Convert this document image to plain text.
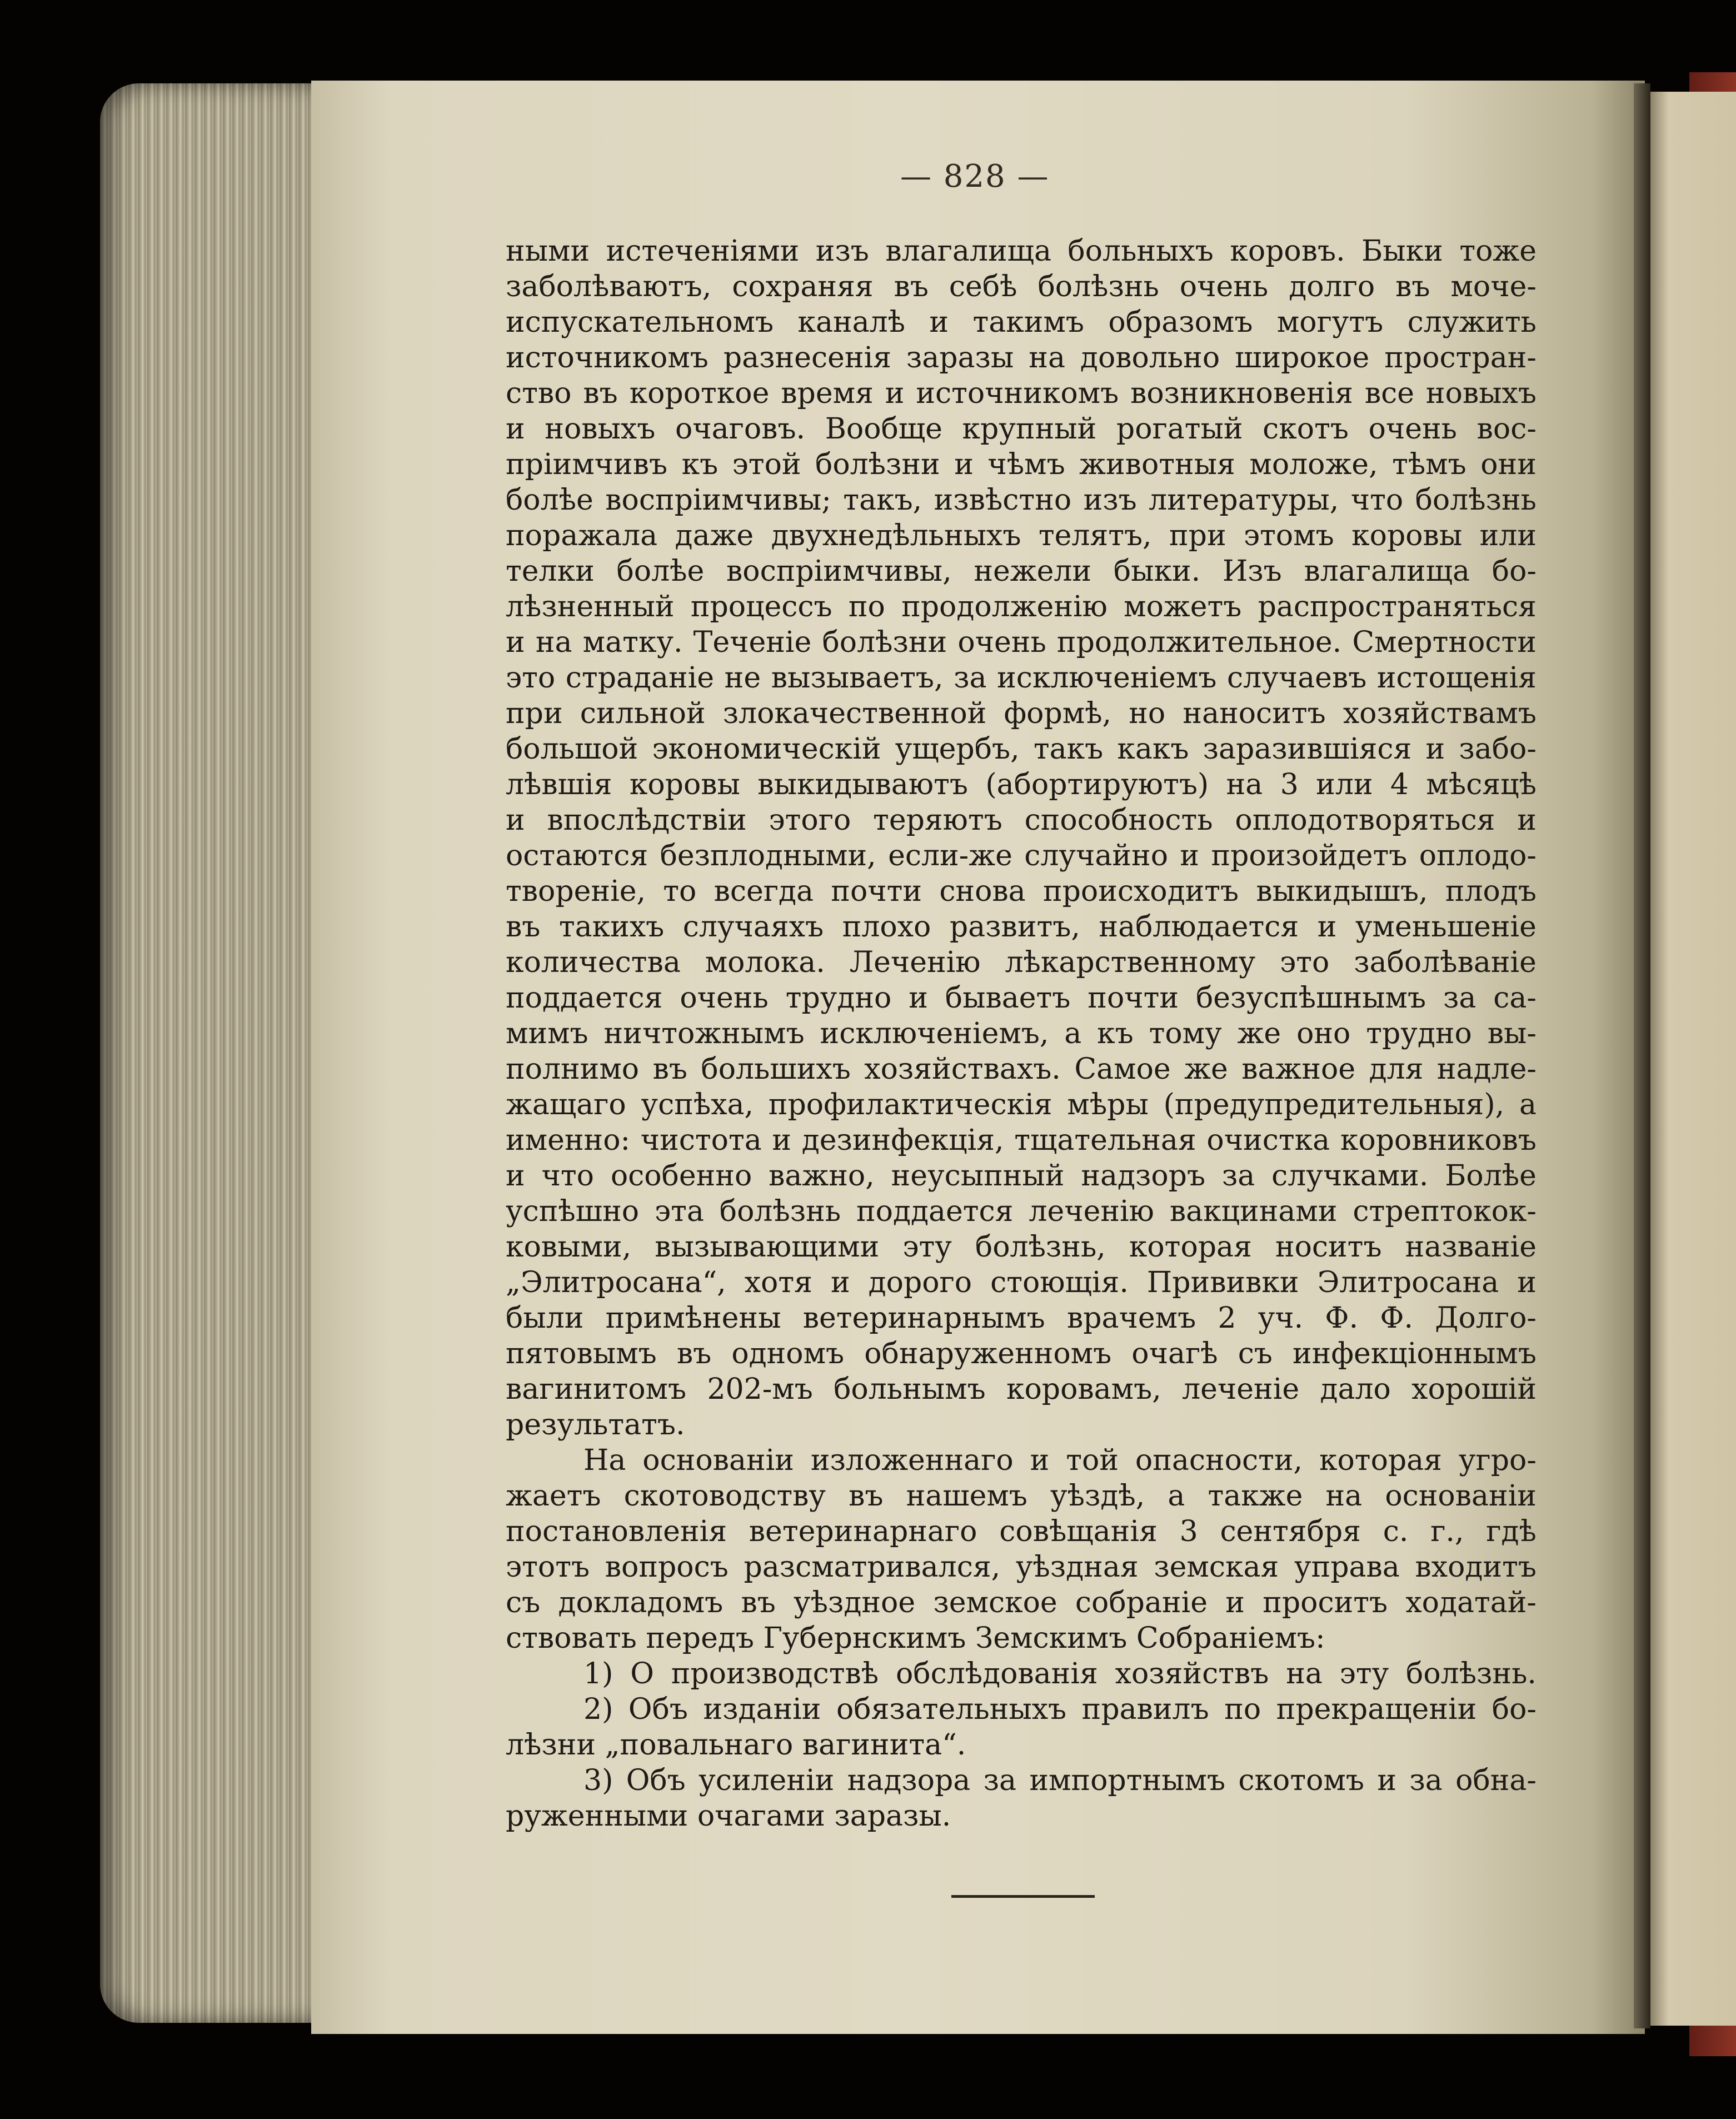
— 828 —
ными истеченіями изъ влагалища больныхъ коровъ. Быки тоже
заболѣваютъ, сохраняя въ себѣ болѣзнь очень долго въ моче-
испускательномъ каналѣ и такимъ образомъ могутъ служить
источникомъ разнесенія заразы на довольно широкое простран-
ство въ короткое время и источникомъ возникновенія все новыхъ
и новыхъ очаговъ. Вообще крупный рогатый скотъ очень вос-
пріимчивъ къ этой болѣзни и чѣмъ животныя моложе, тѣмъ они
болѣе воспріимчивы; такъ, извѣстно изъ литературы, что болѣзнь
поражала даже двухнедѣльныхъ телятъ, при этомъ коровы или
телки болѣе воспріимчивы, нежели быки. Изъ влагалища бо-
лѣзненный процессъ по продолженію можетъ распространяться
и на матку. Теченіе болѣзни очень продолжительное. Смертности
это страданіе не вызываетъ, за исключеніемъ случаевъ истощенія
при сильной злокачественной формѣ, но наноситъ хозяйствамъ
большой экономическій ущербъ, такъ какъ заразившіяся и забо-
лѣвшія коровы выкидываютъ (абортируютъ) на 3 или 4 мѣсяцѣ
и впослѣдствіи этого теряютъ способность оплодотворяться и
остаются безплодными, если-же случайно и произойдетъ оплодо-
твореніе, то всегда почти снова происходитъ выкидышъ, плодъ
въ такихъ случаяхъ плохо развитъ, наблюдается и уменьшеніе
количества молока. Леченію лѣкарственному это заболѣваніе
поддается очень трудно и бываетъ почти безуспѣшнымъ за са-
мимъ ничтожнымъ исключеніемъ, а къ тому же оно трудно вы-
полнимо въ большихъ хозяйствахъ. Самое же важное для надле-
жащаго успѣха, профилактическія мѣры (предупредительныя), а
именно: чистота и дезинфекція, тщательная очистка коровниковъ
и что особенно важно, неусыпный надзоръ за случками. Болѣе
успѣшно эта болѣзнь поддается леченію вакцинами стрептокок-
ковыми, вызывающими эту болѣзнь, которая носитъ названіе
„Элитросана“, хотя и дорого стоющія. Прививки Элитросана и
были примѣнены ветеринарнымъ врачемъ 2 уч. Ф. Ф. Долго-
пятовымъ въ одномъ обнаруженномъ очагѣ съ инфекціоннымъ
вагинитомъ 202-мъ больнымъ коровамъ, леченіе дало хорошій
результатъ.
На основаніи изложеннаго и той опасности, которая угро-
жаетъ скотоводству въ нашемъ уѣздѣ, а также на основаніи
постановленія ветеринарнаго совѣщанія 3 сентября с. г., гдѣ
этотъ вопросъ разсматривался, уѣздная земская управа входитъ
съ докладомъ въ уѣздное земское собраніе и проситъ ходатай-
ствовать передъ Губернскимъ Земскимъ Собраніемъ:
1) О производствѣ обслѣдованія хозяйствъ на эту болѣзнь.
2) Объ изданіи обязательныхъ правилъ по прекращеніи бо-
лѣзни „повальнаго вагинита“.
3) Объ усиленіи надзора за импортнымъ скотомъ и за обна-
руженными очагами заразы.
